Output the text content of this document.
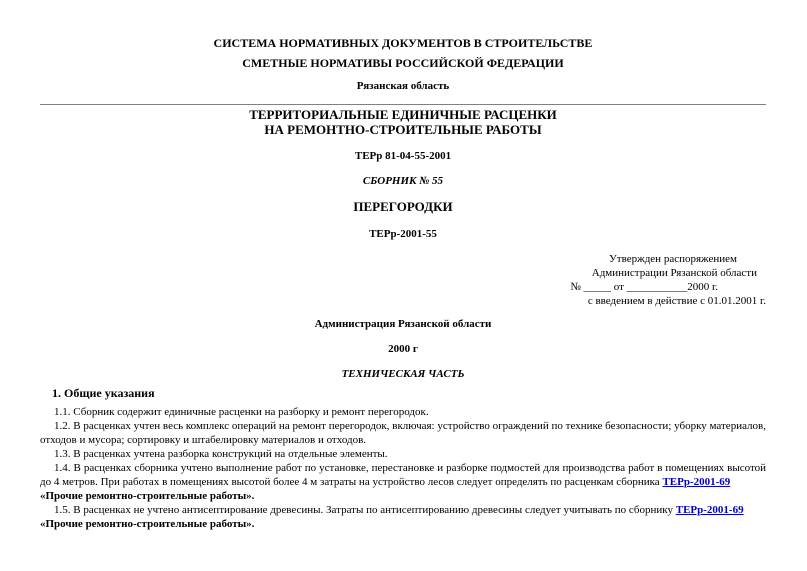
СИСТЕМА НОРМАТИВНЫХ ДОКУМЕНТОВ В СТРОИТЕЛЬСТВЕ
СМЕТНЫЕ НОРМАТИВЫ РОССИЙСКОЙ ФЕДЕРАЦИИ
Рязанская область
ТЕРРИТОРИАЛЬНЫЕ ЕДИНИЧНЫЕ РАСЦЕНКИ
НА РЕМОНТНО-СТРОИТЕЛЬНЫЕ РАБОТЫ
ТЕРр 81-04-55-2001
СБОРНИК № 55
ПЕРЕГОРОДКИ
ТЕРр-2001-55
Утвержден распоряжением
Администрации Рязанской области
№ _____ от ___________2000 г.
с введением в действие с 01.01.2001 г.
Администрация Рязанской области
2000 г
ТЕХНИЧЕСКАЯ ЧАСТЬ
1. Общие указания
1.1. Сборник содержит единичные расценки на разборку и ремонт перегородок.
1.2. В расценках учтен весь комплекс операций на ремонт перегородок, включая: устройство ограждений по технике безопасности; уборку материалов, отходов и мусора; сортировку и штабелировку материалов и отходов.
1.3. В расценках учтена разборка конструкций на отдельные элементы.
1.4. В расценках сборника учтено выполнение работ по установке, перестановке и разборке подмостей для производства работ в помещениях высотой до 4 метров. При работах в помещениях высотой более 4 м затраты на устройство лесов следует определять по расценкам сборника ТЕРр-2001-69
«Прочие ремонтно-строительные работы».
1.5. В расценках не учтено антисептирование древесины. Затраты по антисептированию древесины следует учитывать по сборнику ТЕРр-2001-69
«Прочие ремонтно-строительные работы».
